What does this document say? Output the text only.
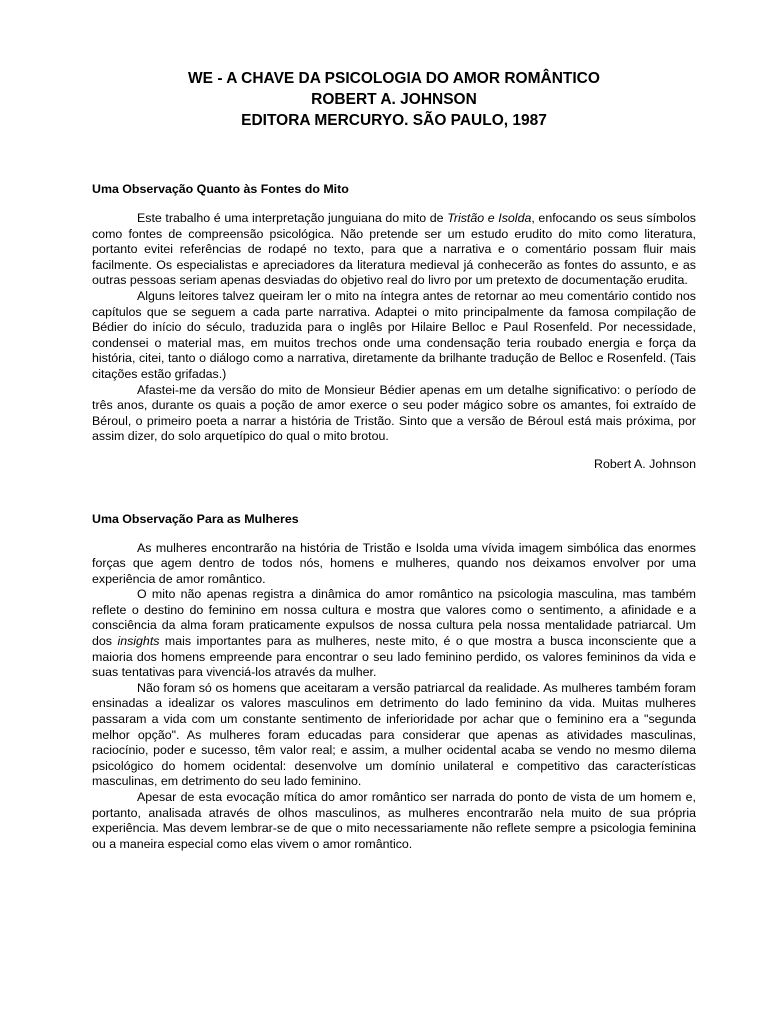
WE - A CHAVE DA PSICOLOGIA DO AMOR ROMÂNTICO

ROBERT A. JOHNSON

EDITORA MERCURYO. SÃO PAULO, 1987

Uma Observação Quanto às Fontes do Mito

Este trabalho é uma interpretação junguiana do mito de Tristão e Isolda, enfocando os seus símbolos como fontes de compreensão psicológica. Não pretende ser um estudo erudito do mito como literatura, portanto evitei referências de rodapé no texto, para que a narrativa e o comentário possam fluir mais facilmente. Os especialistas e apreciadores da literatura medieval já conhecerão as fontes do assunto, e as outras pessoas seriam apenas desviadas do objetivo real do livro por um pretexto de documentação erudita.

Alguns leitores talvez queiram ler o mito na íntegra antes de retornar ao meu comentário contido nos capítulos que se seguem a cada parte narrativa. Adaptei o mito principalmente da famosa compilação de Bédier do início do século, traduzida para o inglês por Hilaire Belloc e Paul Rosenfeld. Por necessidade, condensei o material mas, em muitos trechos onde uma condensação teria roubado energia e força da história, citei, tanto o diálogo como a narrativa, diretamente da brilhante tradução de Belloc e Rosenfeld. (Tais citações estão grifadas.)

Afastei-me da versão do mito de Monsieur Bédier apenas em um detalhe significativo: o período de três anos, durante os quais a poção de amor exerce o seu poder mágico sobre os amantes, foi extraído de Béroul, o primeiro poeta a narrar a história de Tristão. Sinto que a versão de Béroul está mais próxima, por assim dizer, do solo arquetípico do qual o mito brotou.

Robert A. Johnson

Uma Observação Para as Mulheres

As mulheres encontrarão na história de Tristão e Isolda uma vívida imagem simbólica das enormes forças que agem dentro de todos nós, homens e mulheres, quando nos deixamos envolver por uma experiência de amor romântico.

O mito não apenas registra a dinâmica do amor romântico na psicologia masculina, mas também reflete o destino do feminino em nossa cultura e mostra que valores como o sentimento, a afinidade e a consciência da alma foram praticamente expulsos de nossa cultura pela nossa mentalidade patriarcal. Um dos insights mais importantes para as mulheres, neste mito, é o que mostra a busca inconsciente que a maioria dos homens empreende para encontrar o seu lado feminino perdido, os valores femininos da vida e suas tentativas para vivenciá-los através da mulher.

Não foram só os homens que aceitaram a versão patriarcal da realidade. As mulheres também foram ensinadas a idealizar os valores masculinos em detrimento do lado feminino da vida. Muitas mulheres passaram a vida com um constante sentimento de inferioridade por achar que o feminino era a "segunda melhor opção". As mulheres foram educadas para considerar que apenas as atividades masculinas, raciocínio, poder e sucesso, têm valor real; e assim, a mulher ocidental acaba se vendo no mesmo dilema psicológico do homem ocidental: desenvolve um domínio unilateral e competitivo das características masculinas, em detrimento do seu lado feminino.

Apesar de esta evocação mítica do amor romântico ser narrada do ponto de vista de um homem e, portanto, analisada através de olhos masculinos, as mulheres encontrarão nela muito de sua própria experiência. Mas devem lembrar-se de que o mito necessariamente não reflete sempre a psicologia feminina ou a maneira especial como elas vivem o amor romântico.
